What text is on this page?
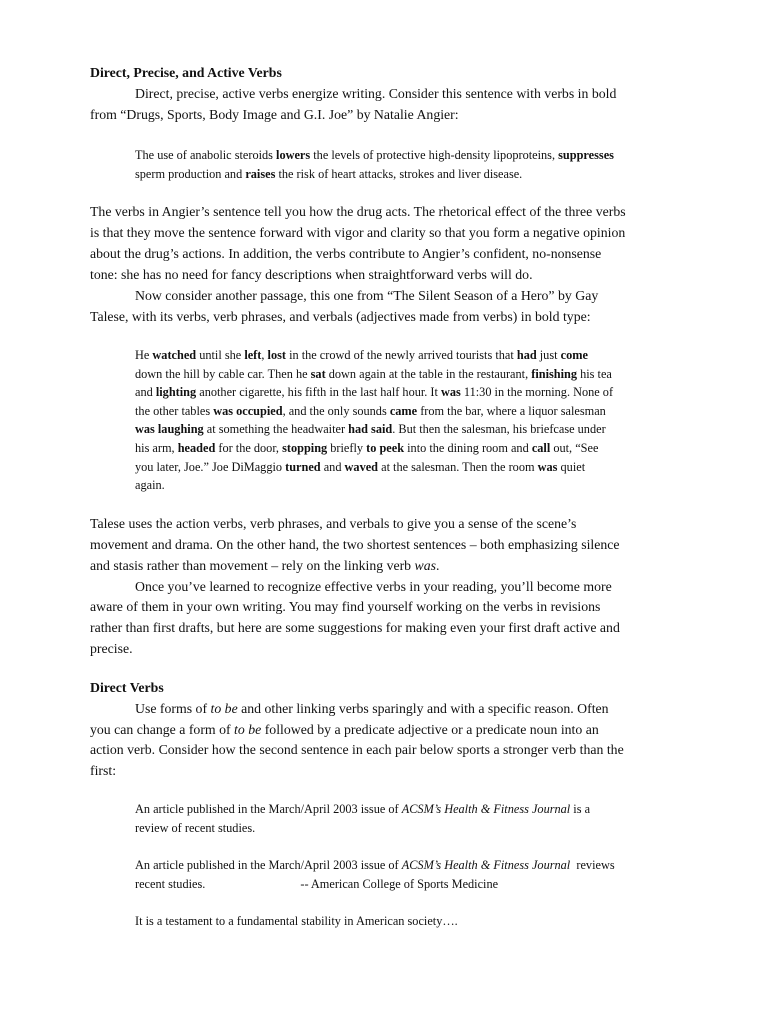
Direct, Precise, and Active Verbs

Direct, precise, active verbs energize writing. Consider this sentence with verbs in bold

from “Drugs, Sports, Body Image and G.I. Joe” by Natalie Angier:

The use of anabolic steroids lowers the levels of protective high-density lipoproteins, suppresses

sperm production and raises the risk of heart attacks, strokes and liver disease.

The verbs in Angier’s sentence tell you how the drug acts. The rhetorical effect of the three verbs

is that they move the sentence forward with vigor and clarity so that you form a negative opinion

about the drug’s actions. In addition, the verbs contribute to Angier’s confident, no-nonsense

tone: she has no need for fancy descriptions when straightforward verbs will do.

Now consider another passage, this one from “The Silent Season of a Hero” by Gay

Talese, with its verbs, verb phrases, and verbals (adjectives made from verbs) in bold type:

He watched until she left, lost in the crowd of the newly arrived tourists that had just come

down the hill by cable car. Then he sat down again at the table in the restaurant, finishing his tea

and lighting another cigarette, his fifth in the last half hour. It was 11:30 in the morning. None of

the other tables was occupied, and the only sounds came from the bar, where a liquor salesman

was laughing at something the headwaiter had said. But then the salesman, his briefcase under

his arm, headed for the door, stopping briefly to peek into the dining room and call out, “See

you later, Joe.” Joe DiMaggio turned and waved at the salesman. Then the room was quiet

again.

Talese uses the action verbs, verb phrases, and verbals to give you a sense of the scene’s

movement and drama. On the other hand, the two shortest sentences – both emphasizing silence

and stasis rather than movement – rely on the linking verb was.

Once you’ve learned to recognize effective verbs in your reading, you’ll become more

aware of them in your own writing. You may find yourself working on the verbs in revisions

rather than first drafts, but here are some suggestions for making even your first draft active and

precise.

Direct Verbs

Use forms of to be and other linking verbs sparingly and with a specific reason. Often

you can change a form of to be followed by a predicate adjective or a predicate noun into an

action verb. Consider how the second sentence in each pair below sports a stronger verb than the

first:

An article published in the March/April 2003 issue of ACSM’s Health & Fitness Journal is a

review of recent studies.

An article published in the March/April 2003 issue of ACSM’s Health & Fitness Journal  reviews

recent studies.	-- American College of Sports Medicine

It is a testament to a fundamental stability in American society….
